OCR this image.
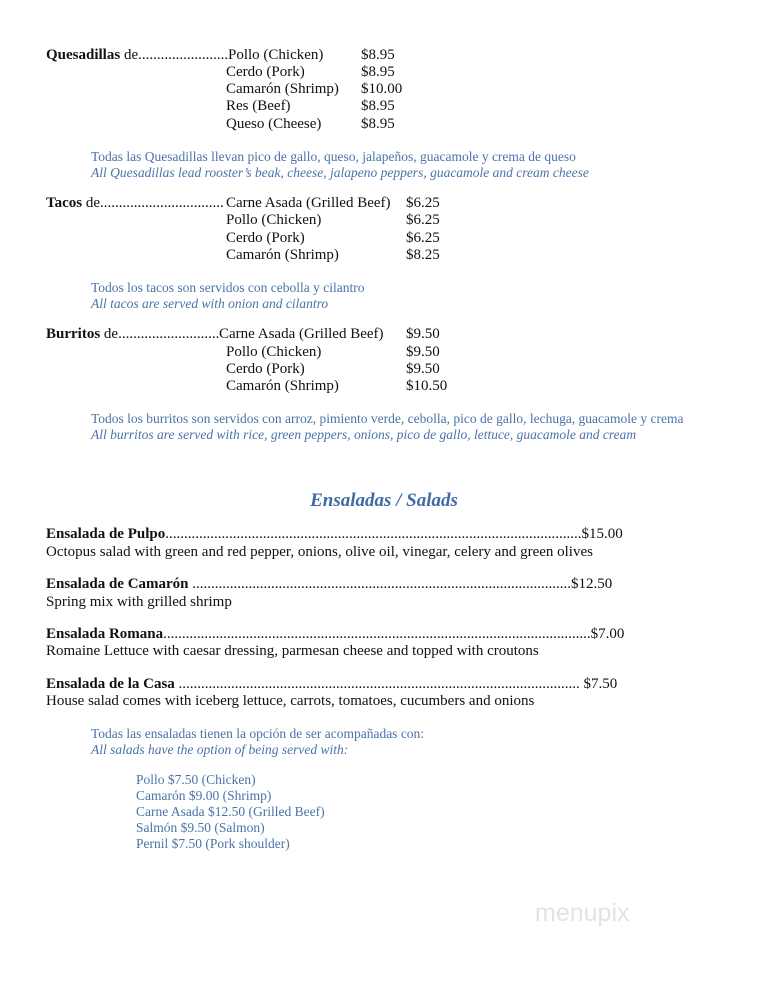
Quesadillas de........................ Pollo (Chicken)	$8.95
Cerdo (Pork)	$8.95
Camarón (Shrimp) $10.00
Res (Beef)	$8.95
Queso (Cheese)	$8.95
Todas las Quesadillas llevan pico de gallo, queso, jalapeños, guacamole y crema de queso
All Quesadillas lead rooster’s beak, cheese, jalapeno peppers, guacamole and cream cheese
Tacos de................................. Carne Asada (Grilled Beef) $6.25
Pollo (Chicken)	$6.25
Cerdo (Pork)	$6.25
Camarón (Shrimp)	$8.25
Todos los tacos son servidos con cebolla y cilantro
All tacos are served with onion and cilantro
Burritos de........................... Carne Asada (Grilled Beef) $9.50
Pollo (Chicken)	$9.50
Cerdo (Pork)	$9.50
Camarón (Shrimp)	$10.50
Todos los burritos son servidos con arroz, pimiento verde, cebolla, pico de gallo, lechuga, guacamole y crema
All burritos are served with rice, green peppers, onions, pico de gallo, lettuce, guacamole and cream
Ensaladas / Salads
Ensalada de Pulpo...............................................................................................................$15.00
Octopus salad with green and red pepper, onions, olive oil, vinegar, celery and green olives
Ensalada de Camarón .....................................................................................................$12.50
Spring mix with grilled shrimp
Ensalada Romana..................................................................................................................$7.00
Romaine Lettuce with caesar dressing, parmesan cheese and topped with croutons
Ensalada de la Casa ........................................................................................................... $7.50
House salad comes with iceberg lettuce, carrots, tomatoes, cucumbers and onions
Todas las ensaladas tienen la opción de ser acompañadas con:
All salads have the option of being served with:
Pollo $7.50 (Chicken)
Camarón $9.00 (Shrimp)
Carne Asada $12.50 (Grilled Beef)
Salmón $9.50 (Salmon)
Pernil $7.50 (Pork shoulder)
menupix
